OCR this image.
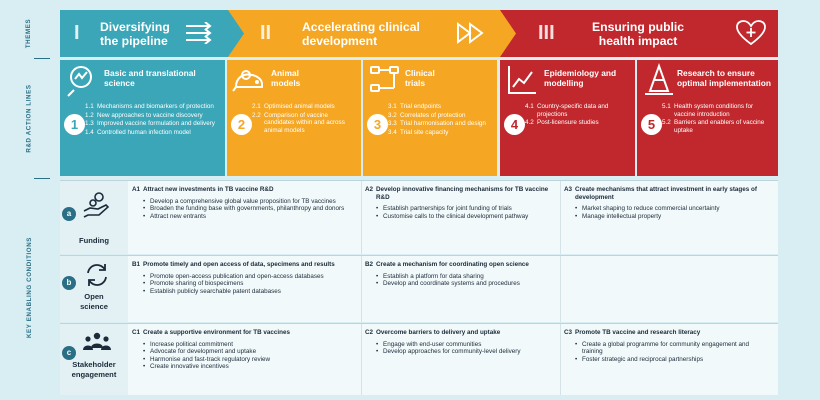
THEMES
R&D ACTION LINES
KEY ENABLING CONDITIONS
I	Diversifying
the pipeline	II	Accelerating clinical
development	III	Ensuring public
health impact
Basic and translational
science
1
1.1 Mechanisms and biomarkers of protection
1.2 New approaches to vaccine discovery
1.3 Improved vaccine formulation and delivery
1.4 Controlled human infection model
Animal
models
2
2.1 Optimised animal models
2.2 Comparison of vaccine candidates within and across animal models
Clinical
trials
3
3.1 Trial endpoints
3.2 Correlates of protection
3.3 Trial harmonisation and design
3.4 Trial site capacity
Epidemiology and
modelling
4
4.1 Country-specific data and projections
4.2 Post-licensure studies
Research to ensure
optimal implementation
5
5.1 Health system conditions for vaccine introduction
5.2 Barriers and enablers of vaccine uptake
a
Funding
A1 Attract new investments in TB vaccine R&D
• Develop a comprehensive global value proposition for TB vaccines
• Broaden the funding base with governments, philanthropy and donors
• Attract new entrants
A2 Develop innovative financing mechanisms for TB vaccine R&D
• Establish partnerships for joint funding of trials
• Customise calls to the clinical development pathway
A3 Create mechanisms that attract investment in early stages of development
• Market shaping to reduce commercial uncertainty
• Manage intellectual property
b
Open
science
B1 Promote timely and open access of data, specimens and results
• Promote open-access publication and open-access databases
• Promote sharing of biospecimens
• Establish publicly searchable patent databases
B2 Create a mechanism for coordinating open science
• Establish a platform for data sharing
• Develop and coordinate systems and procedures
c
Stakeholder
engagement
C1 Create a supportive environment for TB vaccines
• Increase political commitment
• Advocate for development and uptake
• Harmonise and fast-track regulatory review
• Create innovative incentives
C2 Overcome barriers to delivery and uptake
• Engage with end-user communities
• Develop approaches for community-level delivery
C3 Promote TB vaccine and research literacy
• Create a global programme for community engagement and training
• Foster strategic and reciprocal partnerships
